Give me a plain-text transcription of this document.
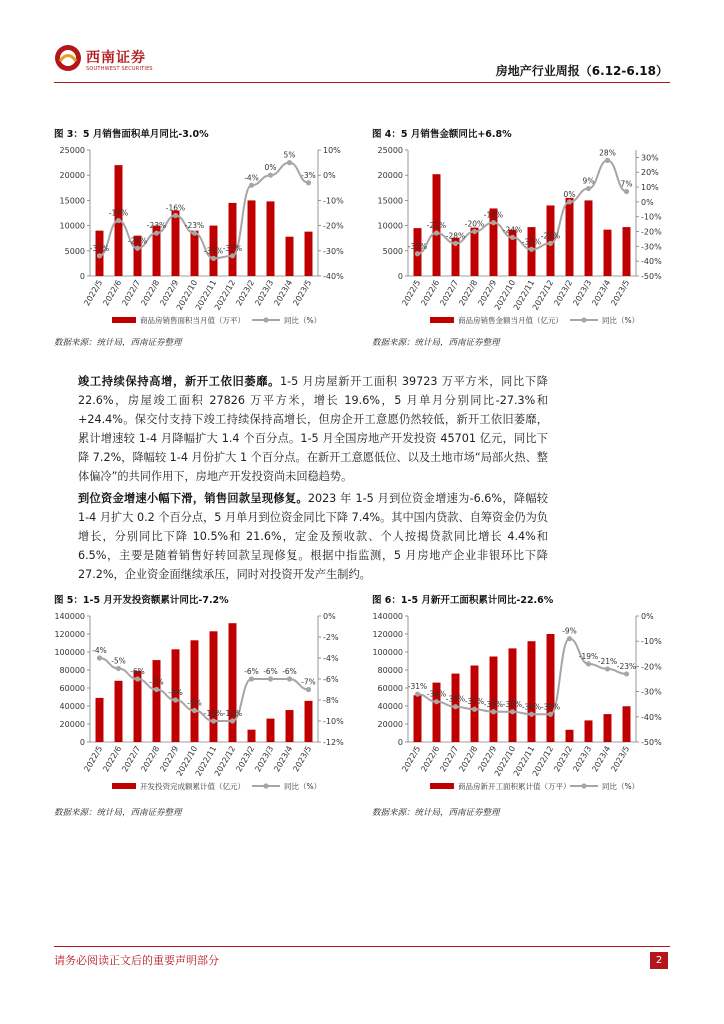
西南证券
SOUTHWEST SECURITIES	房地产行业周报（6.12-6.18）
图 3：5 月销售面积单月同比-3.0%
0
5000
10000
15000
20000
25000
-40%
-30%
-20%
-10%
0%
10%
2022/5
2022/6
2022/7
2022/8
2022/9
2022/10
2022/11
2022/12
2023/2
2023/3
2023/4
2023/5
-32%
-18%
-29%
-23%
-16%
-23%
-33% -32%
-4%
0%
5%
-3%
商品房销售面积当月值（万平）	同比（%）
数据来源：统计局，西南证券整理
图 4：5 月销售金额同比+6.8%
0
5000
10000
15000
20000
25000
-50%
-40%
-30%
-20%
-10%
0%
10%
20%
30%
2022/5
2022/6
2022/7
2022/8
2022/9
2022/10
2022/11
2022/12
2023/2
2023/3
2023/4
2023/5
-35%
-21%
-28%
-20%
-14%
-24%
-32%
-28%
0%
9%
28%
7%
商品房销售金额当月值（亿元）	同比（%）
数据来源：统计局，西南证券整理
竣工持续保持高增，新开工依旧萎靡。1-5 月房屋新开工面积 39723 万平方米，同比下降 22.6%，房屋竣工面积 27826 万平方米，增长 19.6%，5 月单月分别同比-27.3%和+24.4%。保交付支持下竣工持续保持高增长，但房企开工意愿仍然较低，新开工依旧萎靡，累计增速较 1-4 月降幅扩大 1.4 个百分点。1-5 月全国房地产开发投资 45701 亿元，同比下降 7.2%，降幅较 1-4 月份扩大 1 个百分点。在新开工意愿低位、以及土地市场“局部火热、整体偏冷”的共同作用下，房地产开发投资尚未回稳趋势。
到位资金增速小幅下滑，销售回款呈现修复。2023 年 1-5 月到位资金增速为-6.6%，降幅较 1-4 月扩大 0.2 个百分点，5 月单月到位资金同比下降 7.4%。其中国内贷款、自筹资金仍为负增长，分别同比下降 10.5%和 21.6%，定金及预收款、个人按揭贷款同比增长 4.4%和 6.5%，主要是随着销售好转回款呈现修复。根据中指监测，5 月房地产企业非银环比下降 27.2%，企业资金面继续承压，同时对投资开发产生制约。
图 5：1-5 月开发投资额累计同比-7.2%
0
20000
40000
60000
80000
100000
120000
140000
-12%
-10%
-8%
-6%
-4%
-2%
0%
2022/5
2022/6
2022/7
2022/8
2022/9
2022/10
2022/11
2022/12
2023/2
2023/3
2023/4
2023/5
-4%
-5%
-6%
-7%
-8%
-9%
-10% -10%
-6% -6% -6%
-7%
开发投资完成额累计值（亿元）	同比（%）
数据来源：统计局，西南证券整理
图 6：1-5 月新开工面积累计同比-22.6%
0
20000
40000
60000
80000
100000
120000
140000
-50%
-40%
-30%
-20%
-10%
0%
2022/5
2022/6
2022/7
2022/8
2022/9
2022/10
2022/11
2022/12
2023/2
2023/3
2023/4
2023/5
-31%
-34%
-36% -37% -38% -38% -39% -39%
-9%
-19%
-21%
-23%
商品房新开工面积累计值（万平）	同比（%）
数据来源：统计局，西南证券整理
请务必阅读正文后的重要声明部分	2
